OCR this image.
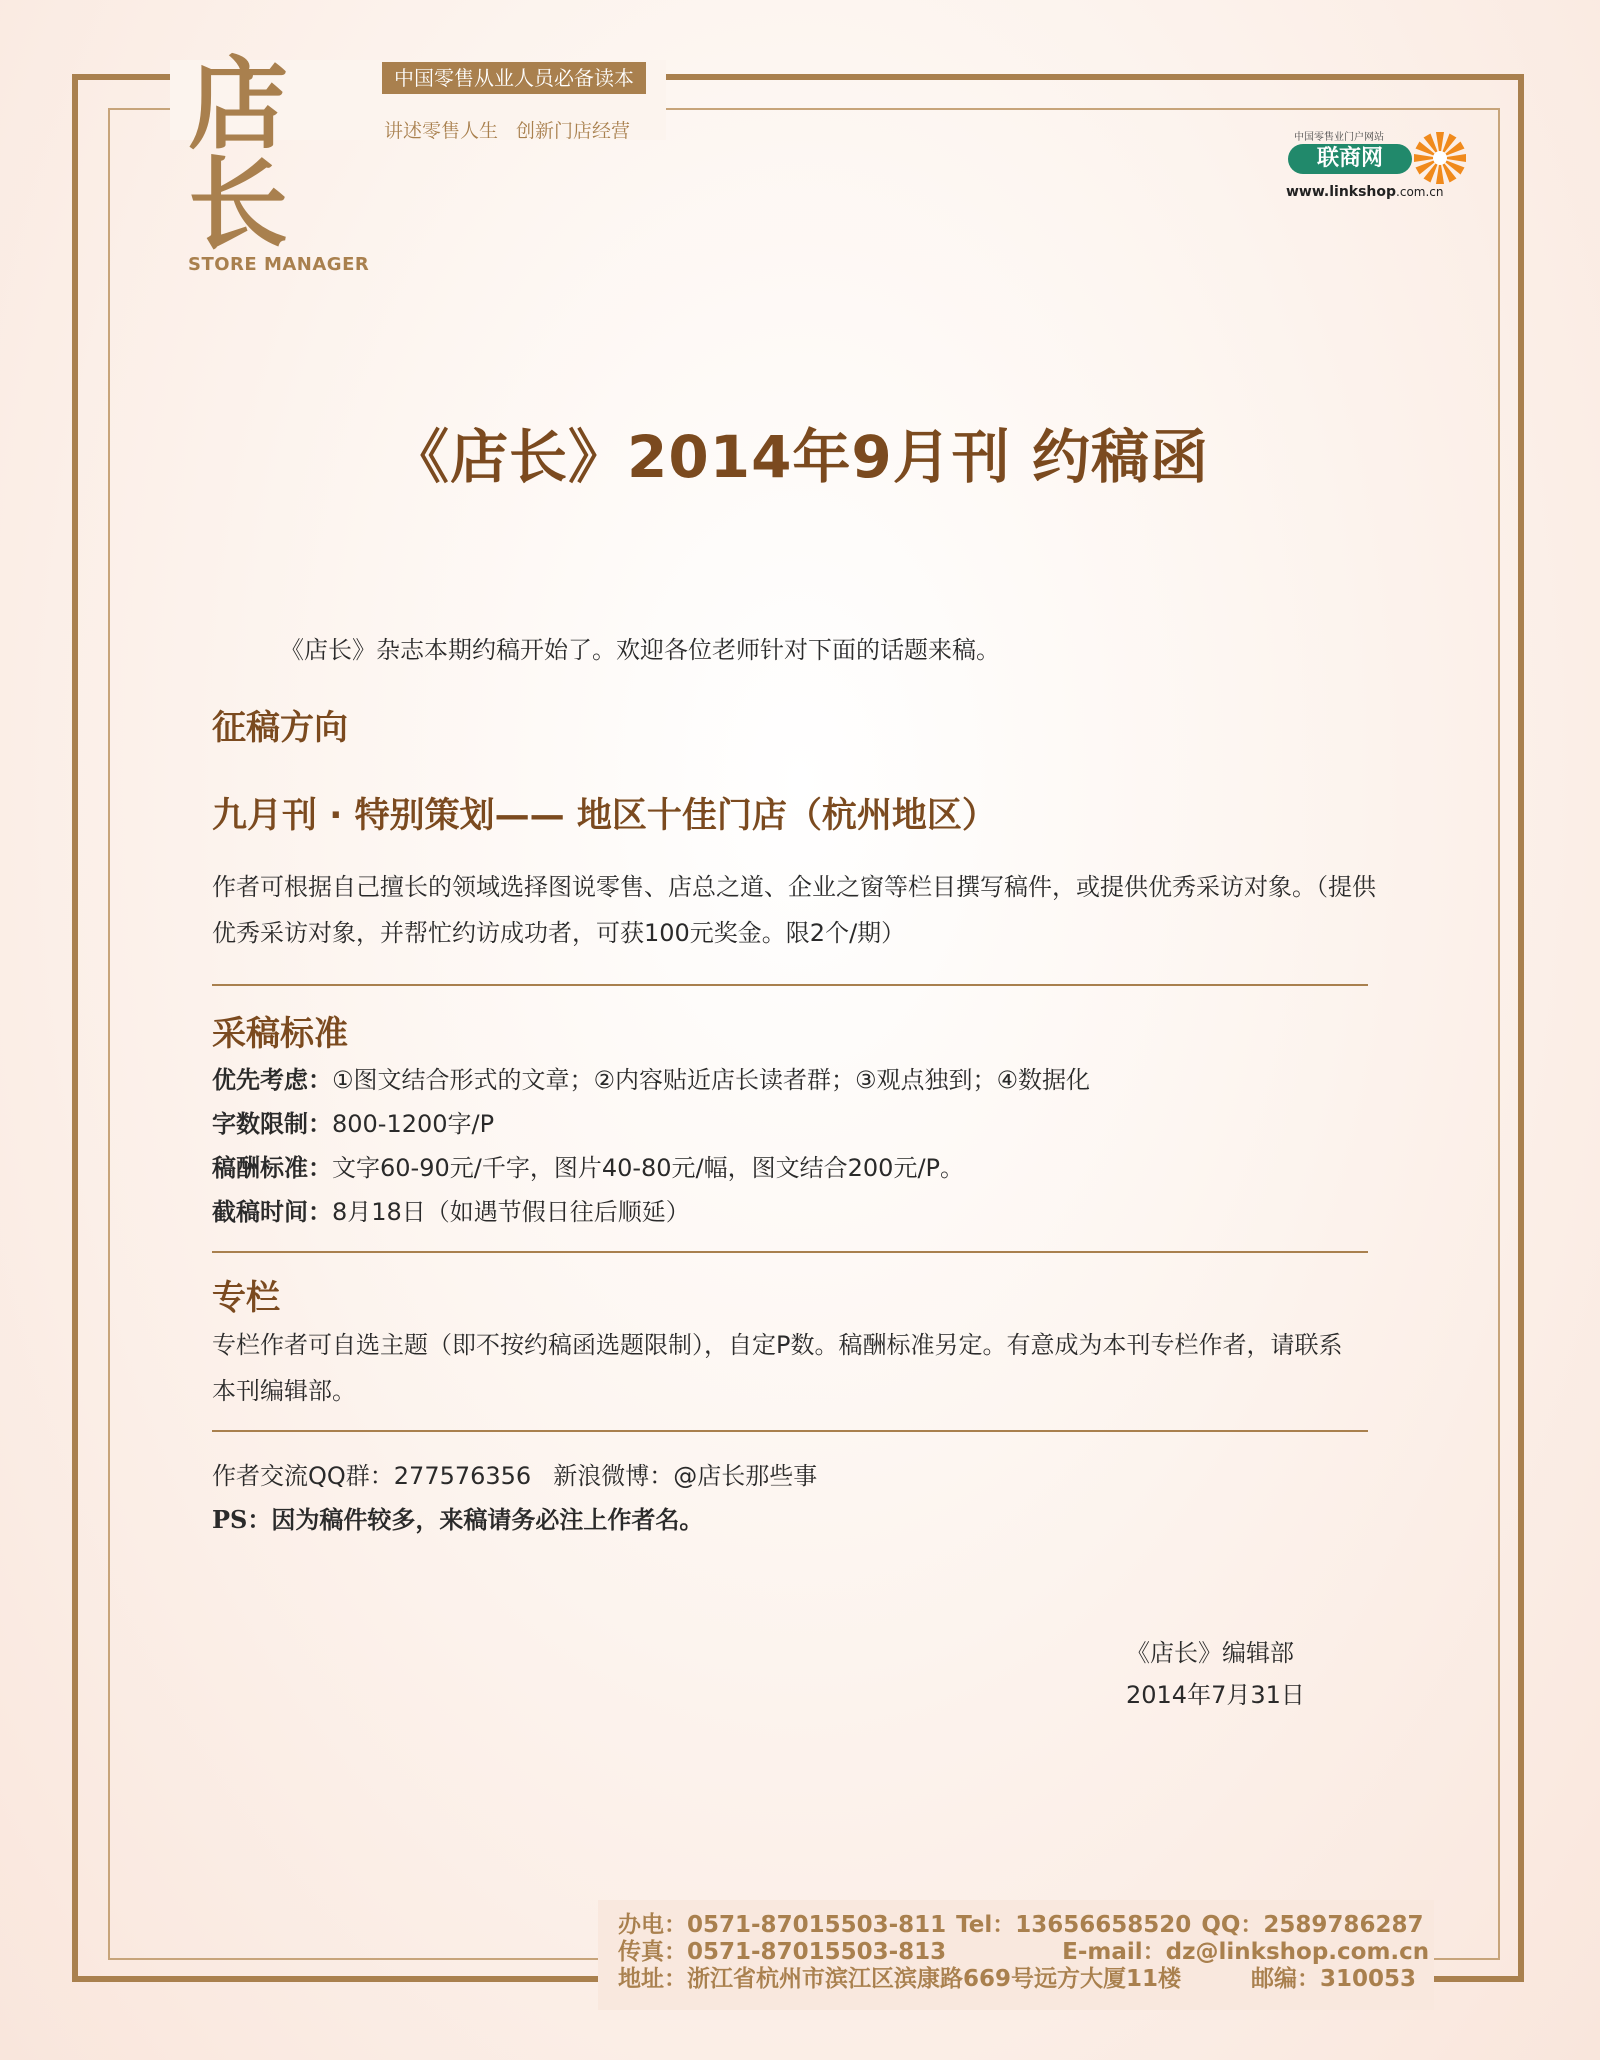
店长
STORE MANAGER
中国零售从业人员必备读本
讲述零售人生 创新门店经营	中国零售业门户网站
联商网
www.linkshop.com.cn
《店长》2014年9月刊 约稿函
《店长》杂志本期约稿开始了。欢迎各位老师针对下面的话题来稿。
征稿方向
九月刊 · 特别策划—— 地区十佳门店（杭州地区）
作者可根据自己擅长的领域选择图说零售、店总之道、企业之窗等栏目撰写稿件，或提供优秀采访对象。（提供优秀采访对象，并帮忙约访成功者，可获100元奖金。限2个/期）
采稿标准
优先考虑：①图文结合形式的文章；②内容贴近店长读者群；③观点独到；④数据化
字数限制：800-1200字/P
稿酬标准：文字60-90元/千字，图片40-80元/幅，图文结合200元/P。
截稿时间：8月18日（如遇节假日往后顺延）
专栏
专栏作者可自选主题（即不按约稿函选题限制），自定P数。稿酬标准另定。有意成为本刊专栏作者，请联系本刊编辑部。
作者交流QQ群：277576356 新浪微博：@店长那些事
PS：因为稿件较多，来稿请务必注上作者名。
《店长》编辑部
2014年7月31日
办电：0571-87015503-811 Tel：13656658520 QQ：2589786287
传真：0571-87015503-813	E-mail：dz@linkshop.com.cn
地址：浙江省杭州市滨江区滨康路669号远方大厦11楼	邮编：310053
